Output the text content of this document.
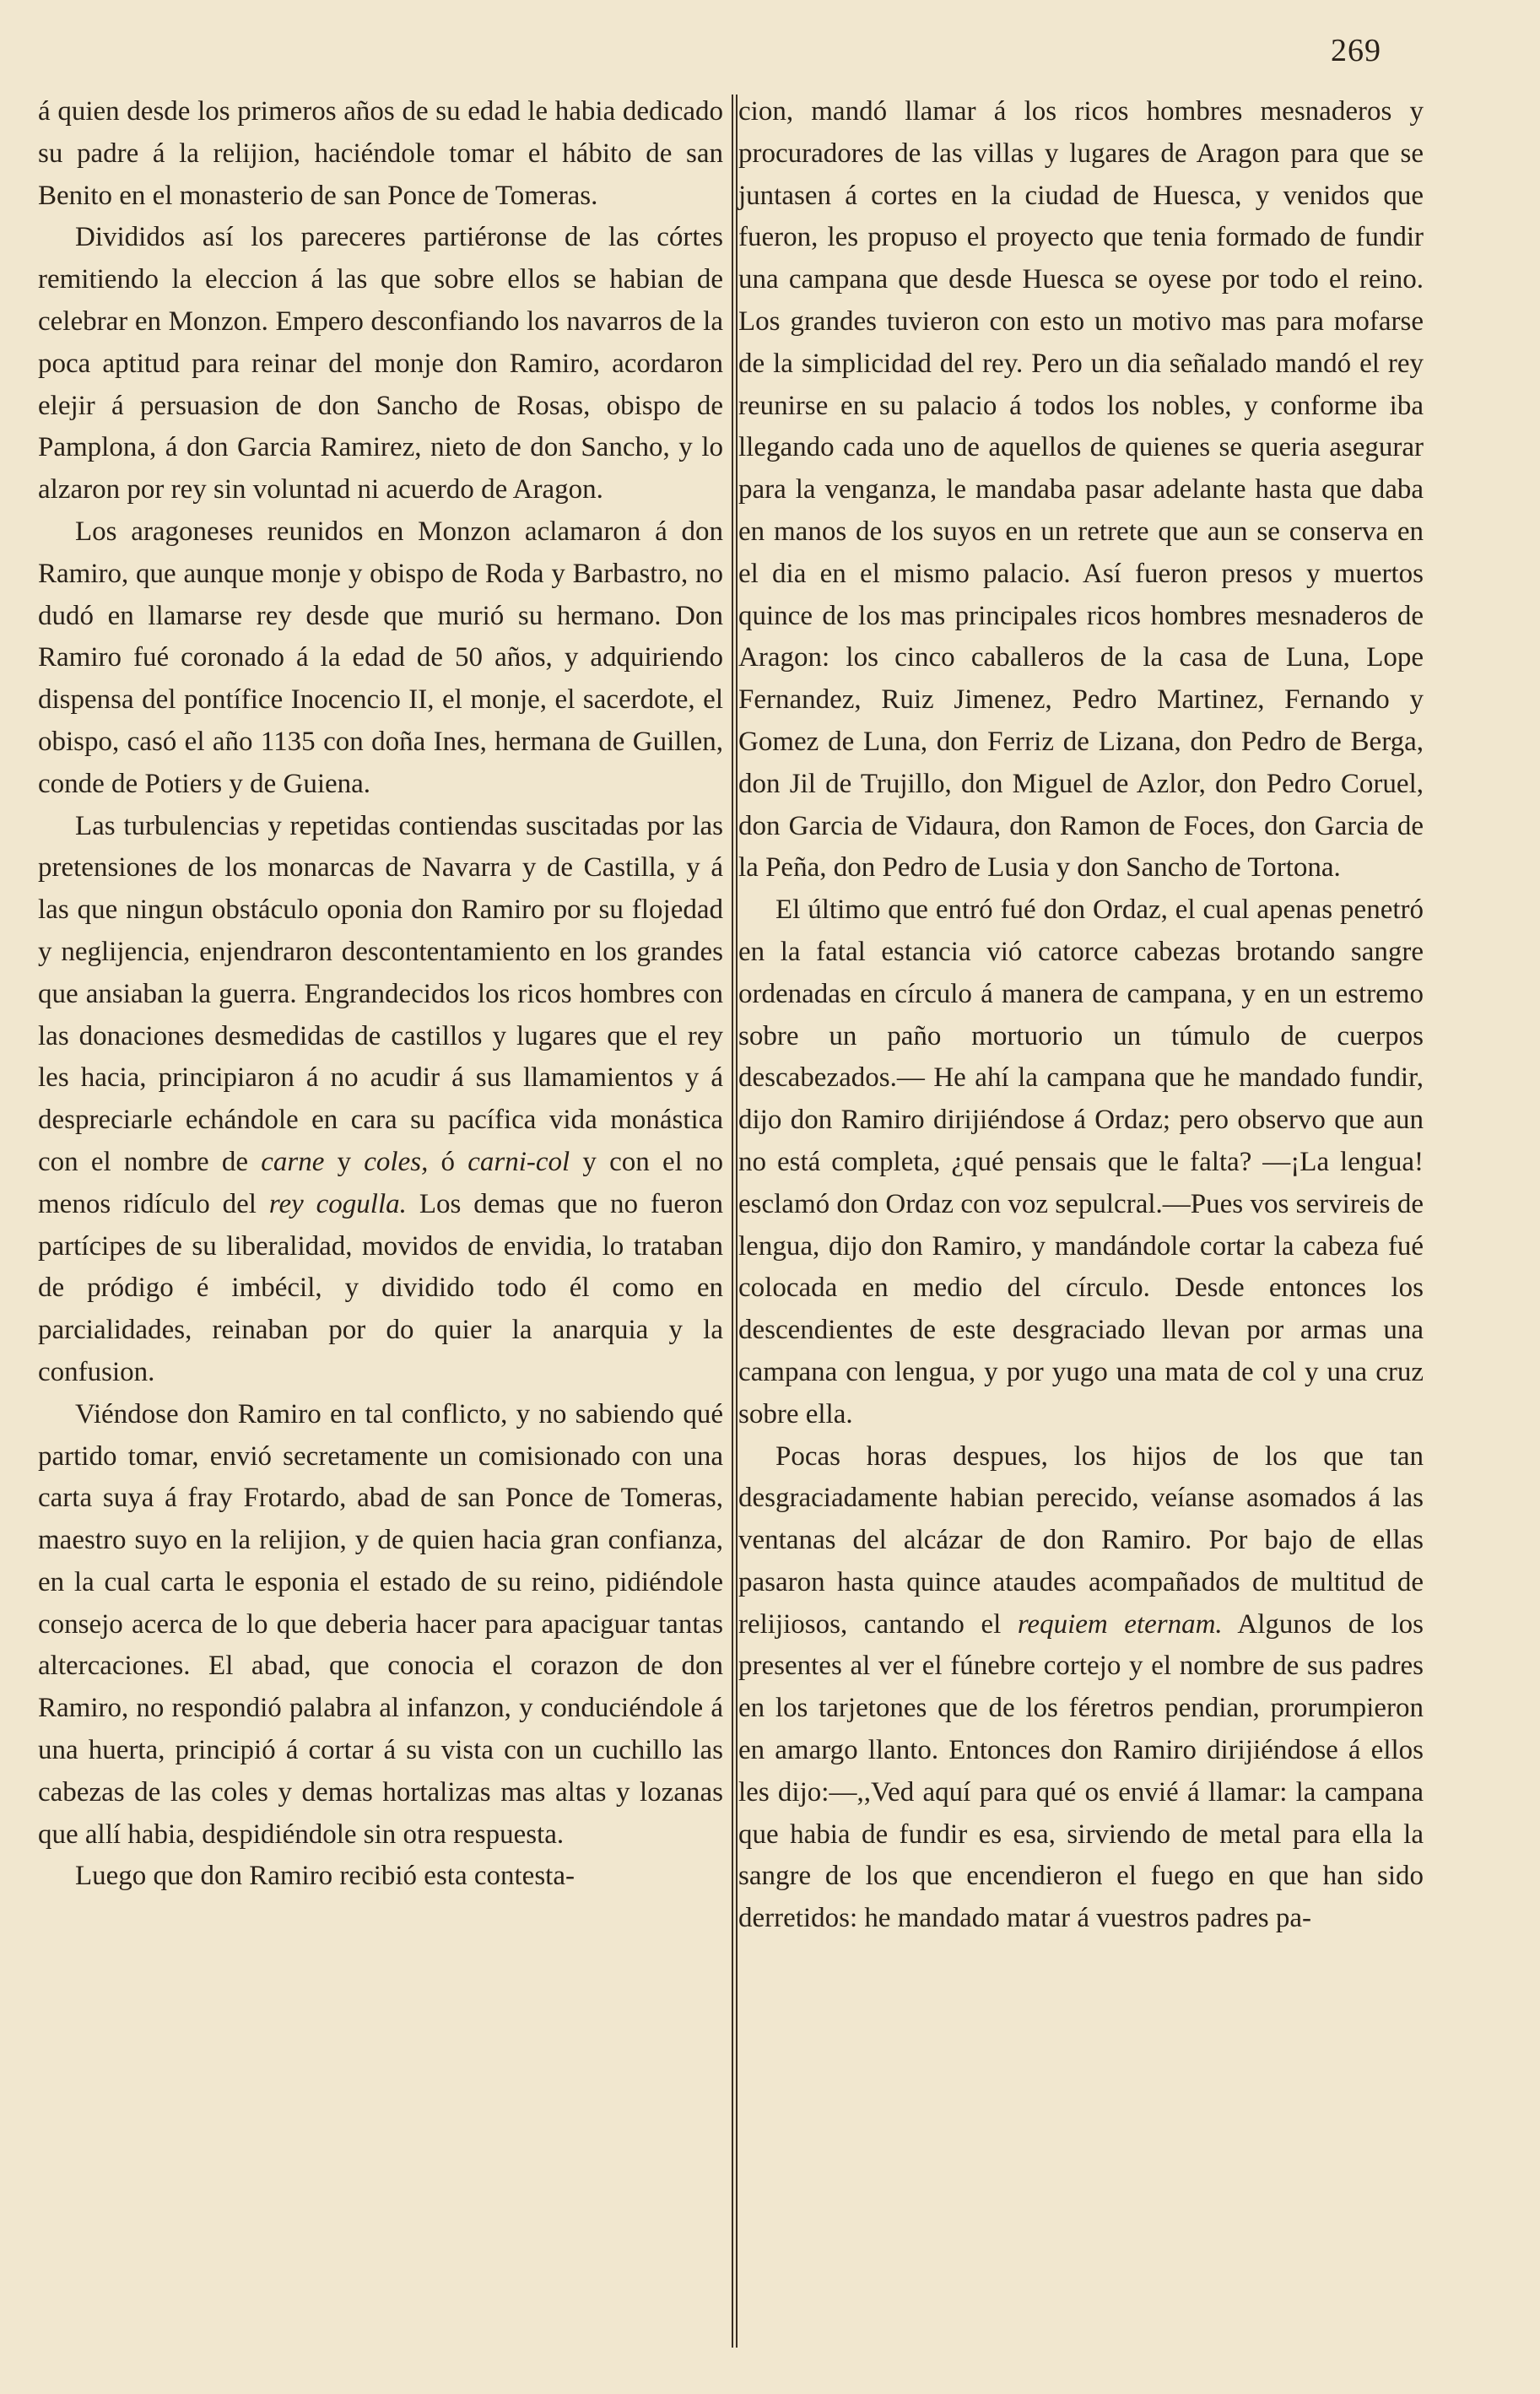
269

á quien desde los primeros años de su edad le habia dedicado su padre á la relijion, haciéndole tomar el hábito de san Benito en el monasterio de san Ponce de Tomeras.

Divididos así los pareceres partiéronse de las córtes remitiendo la eleccion á las que sobre ellos se habian de celebrar en Monzon. Empero desconfiando los navarros de la poca aptitud para reinar del monje don Ramiro, acordaron elejir á persuasion de don Sancho de Rosas, obispo de Pamplona, á don Garcia Ramirez, nieto de don Sancho, y lo alzaron por rey sin voluntad ni acuerdo de Aragon.

Los aragoneses reunidos en Monzon aclamaron á don Ramiro, que aunque monje y obispo de Roda y Barbastro, no dudó en llamarse rey desde que murió su hermano. Don Ramiro fué coronado á la edad de 50 años, y adquiriendo dispensa del pontífice Inocencio II, el monje, el sacerdote, el obispo, casó el año 1135 con doña Ines, hermana de Guillen, conde de Potiers y de Guiena.

Las turbulencias y repetidas contiendas suscitadas por las pretensiones de los monarcas de Navarra y de Castilla, y á las que ningun obstáculo oponia don Ramiro por su flojedad y neglijencia, enjendraron descontentamiento en los grandes que ansiaban la guerra. Engrandecidos los ricos hombres con las donaciones desmedidas de castillos y lugares que el rey les hacia, principiaron á no acudir á sus llamamientos y á despreciarle echándole en cara su pacífica vida monástica con el nombre de carne y coles, ó carni-col y con el no menos ridículo del rey cogulla. Los demas que no fueron partícipes de su liberalidad, movidos de envidia, lo trataban de pródigo é imbécil, y dividido todo él como en parcialidades, reinaban por do quier la anarquia y la confusion.

Viéndose don Ramiro en tal conflicto, y no sabiendo qué partido tomar, envió secretamente un comisionado con una carta suya á fray Frotardo, abad de san Ponce de Tomeras, maestro suyo en la relijion, y de quien hacia gran confianza, en la cual carta le esponia el estado de su reino, pidiéndole consejo acerca de lo que deberia hacer para apaciguar tantas altercaciones. El abad, que conocia el corazon de don Ramiro, no respondió palabra al infanzon, y conduciéndole á una huerta, principió á cortar á su vista con un cuchillo las cabezas de las coles y demas hortalizas mas altas y lozanas que allí habia, despidiéndole sin otra respuesta.

Luego que don Ramiro recibió esta contesta-

cion, mandó llamar á los ricos hombres mesnaderos y procuradores de las villas y lugares de Aragon para que se juntasen á cortes en la ciudad de Huesca, y venidos que fueron, les propuso el proyecto que tenia formado de fundir una campana que desde Huesca se oyese por todo el reino. Los grandes tuvieron con esto un motivo mas para mofarse de la simplicidad del rey. Pero un dia señalado mandó el rey reunirse en su palacio á todos los nobles, y conforme iba llegando cada uno de aquellos de quienes se queria asegurar para la venganza, le mandaba pasar adelante hasta que daba en manos de los suyos en un retrete que aun se conserva en el dia en el mismo palacio. Así fueron presos y muertos quince de los mas principales ricos hombres mesnaderos de Aragon: los cinco caballeros de la casa de Luna, Lope Fernandez, Ruiz Jimenez, Pedro Martinez, Fernando y Gomez de Luna, don Ferriz de Lizana, don Pedro de Berga, don Jil de Trujillo, don Miguel de Azlor, don Pedro Coruel, don Garcia de Vidaura, don Ramon de Foces, don Garcia de la Peña, don Pedro de Lusia y don Sancho de Tortona.

El último que entró fué don Ordaz, el cual apenas penetró en la fatal estancia vió catorce cabezas brotando sangre ordenadas en círculo á manera de campana, y en un estremo sobre un paño mortuorio un túmulo de cuerpos descabezados.— He ahí la campana que he mandado fundir, dijo don Ramiro dirijiéndose á Ordaz; pero observo que aun no está completa, ¿qué pensais que le falta? —¡La lengua! esclamó don Ordaz con voz sepulcral.—Pues vos servireis de lengua, dijo don Ramiro, y mandándole cortar la cabeza fué colocada en medio del círculo. Desde entonces los descendientes de este desgraciado llevan por armas una campana con lengua, y por yugo una mata de col y una cruz sobre ella.

Pocas horas despues, los hijos de los que tan desgraciadamente habian perecido, veíanse asomados á las ventanas del alcázar de don Ramiro. Por bajo de ellas pasaron hasta quince ataudes acompañados de multitud de relijiosos, cantando el requiem eternam. Algunos de los presentes al ver el fúnebre cortejo y el nombre de sus padres en los tarjetones que de los féretros pendian, prorumpieron en amargo llanto. Entonces don Ramiro dirijiéndose á ellos les dijo:—,,Ved aquí para qué os envié á llamar: la campana que habia de fundir es esa, sirviendo de metal para ella la sangre de los que encendieron el fuego en que han sido derretidos: he mandado matar á vuestros padres pa-
